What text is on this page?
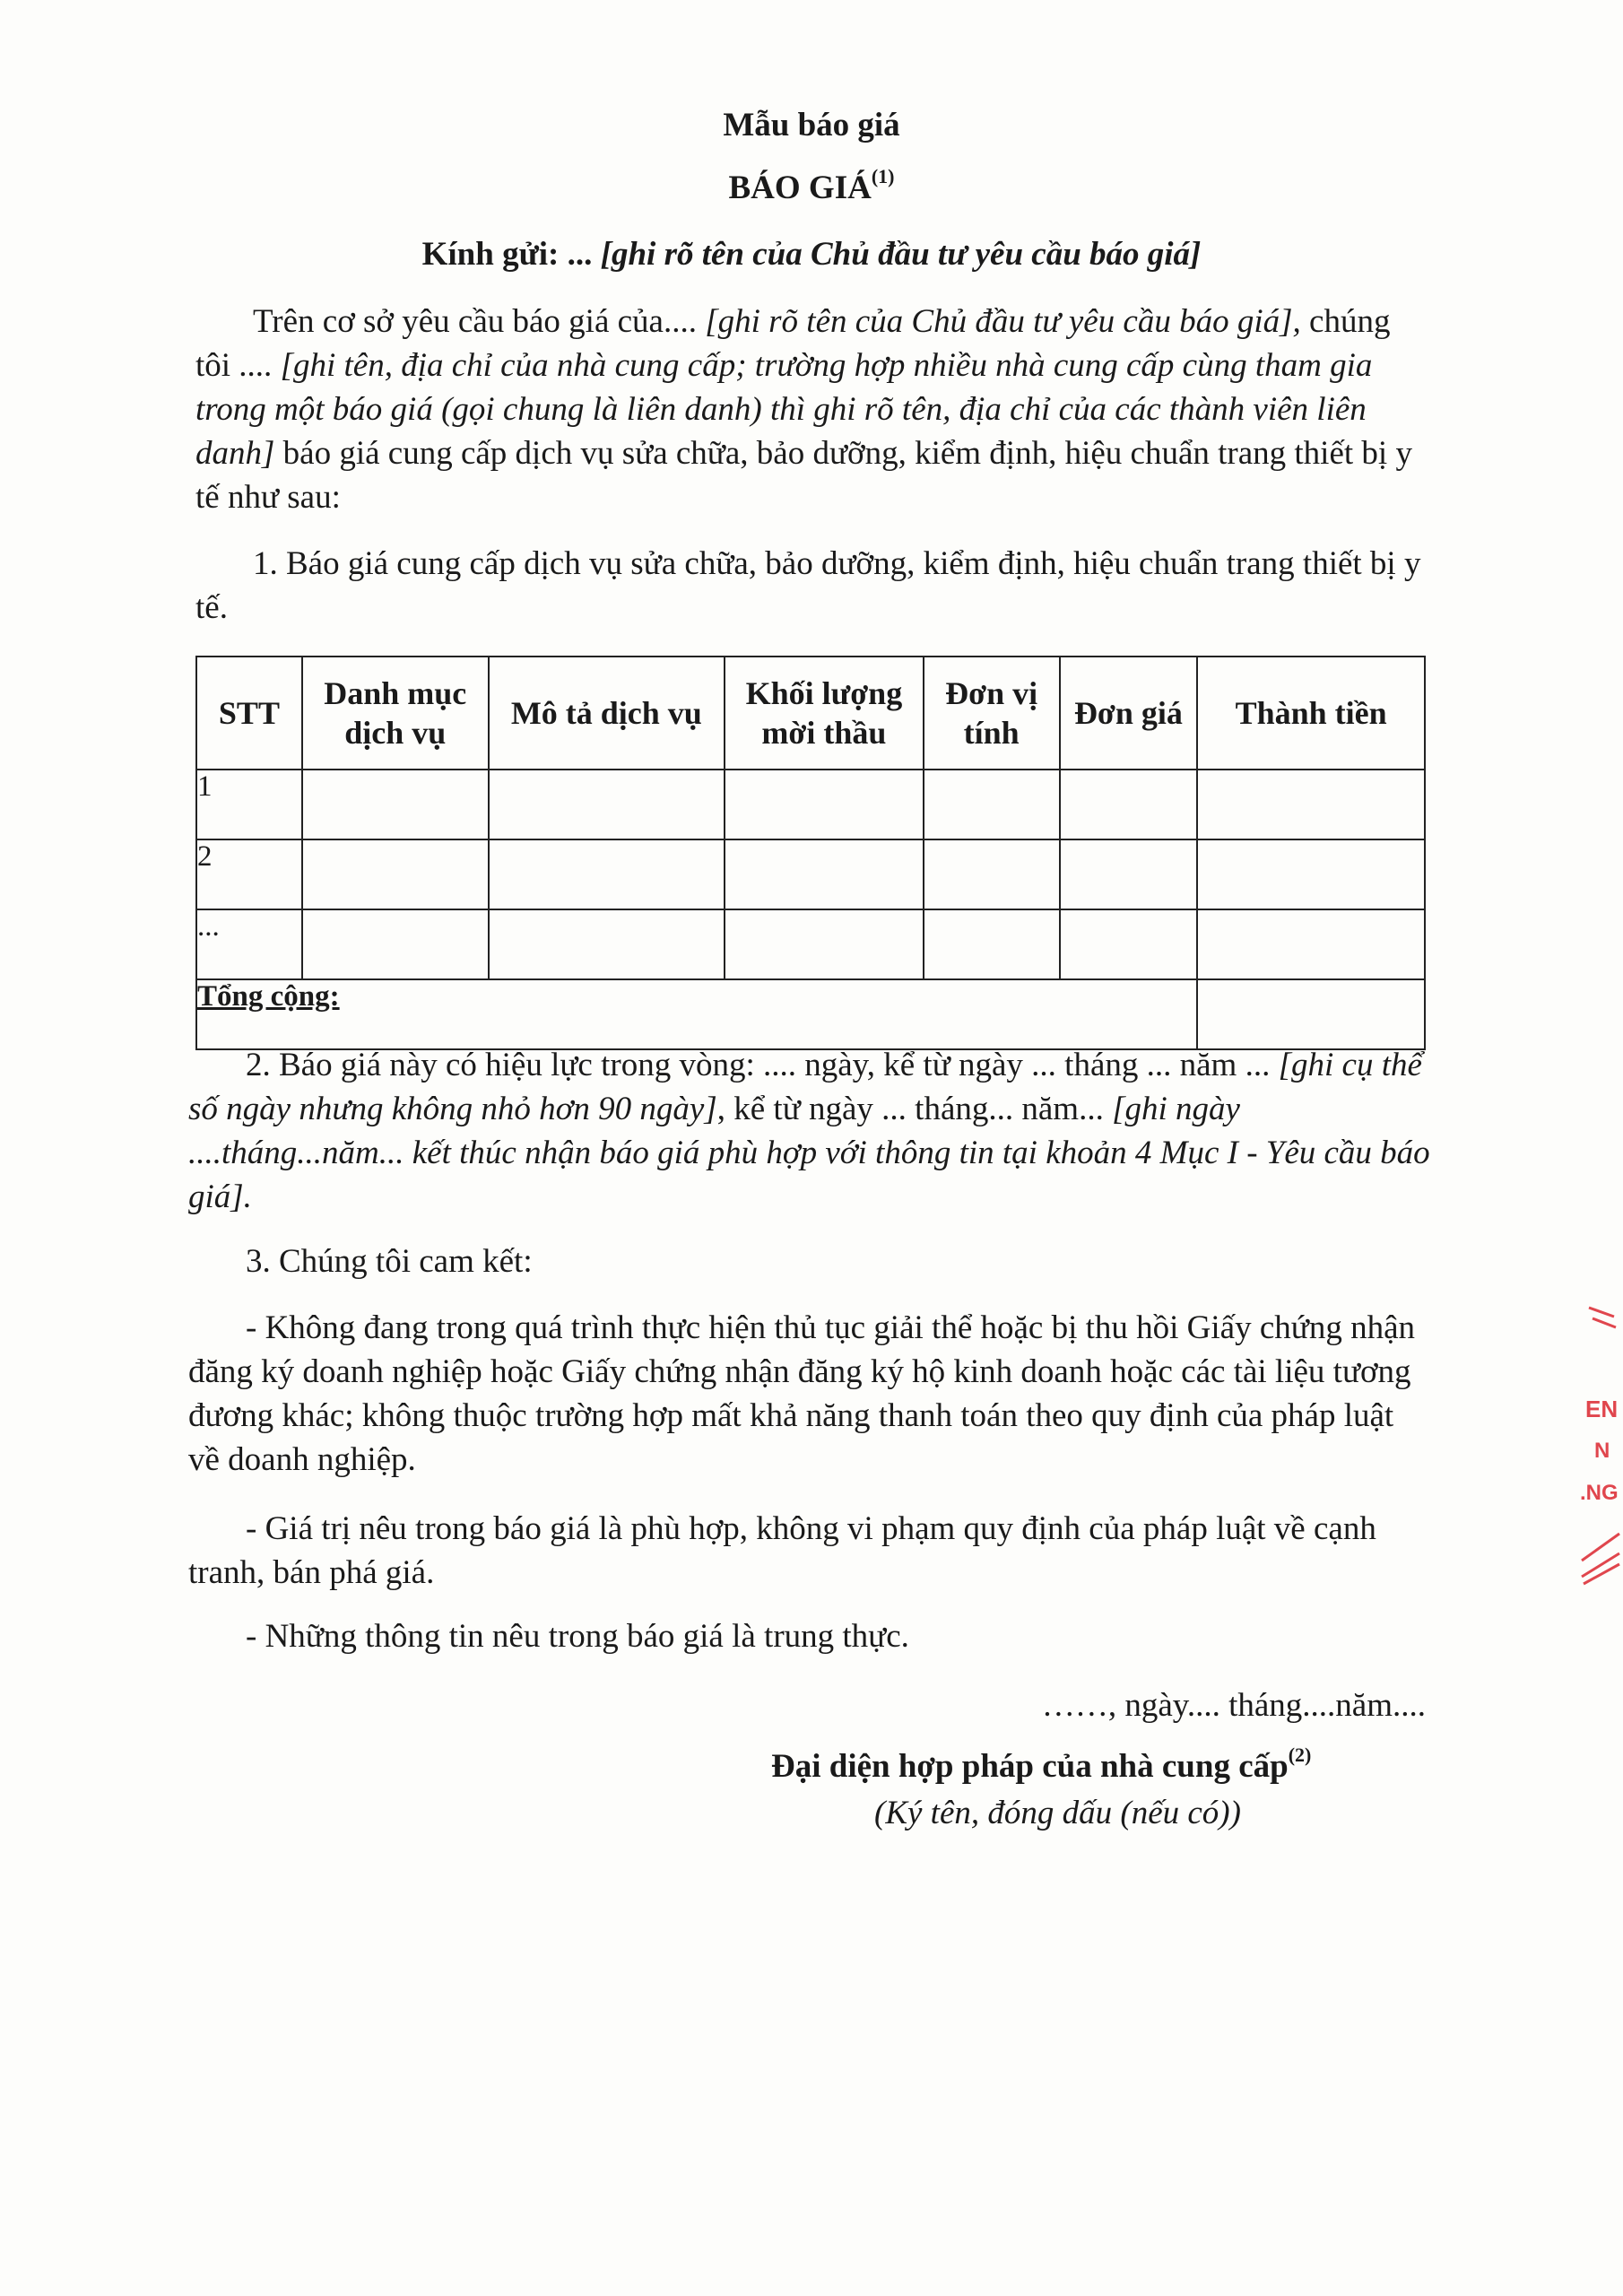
Mẫu báo giá
BÁO GIÁ$^{(1)}$
Kính gửi: ... [ghi rõ tên của Chủ đầu tư yêu cầu báo giá]

Trên cơ sở yêu cầu báo giá của.... [ghi rõ tên của Chủ đầu tư yêu cầu báo giá], chúng tôi .... [ghi tên, địa chỉ của nhà cung cấp; trường hợp nhiều nhà cung cấp cùng tham gia trong một báo giá (gọi chung là liên danh) thì ghi rõ tên, địa chỉ của các thành viên liên danh] báo giá cung cấp dịch vụ sửa chữa, bảo dưỡng, kiểm định, hiệu chuẩn trang thiết bị y tế như sau:

1. Báo giá cung cấp dịch vụ sửa chữa, bảo dưỡng, kiểm định, hiệu chuẩn trang thiết bị y tế.

STT	Danh mục dịch vụ	Mô tả dịch vụ	Khối lượng mời thầu	Đơn vị tính	Đơn giá	Thành tiền
1						
2						
...						
Tổng cộng:						

2. Báo giá này có hiệu lực trong vòng: .... ngày, kể từ ngày ... tháng ... năm ... [ghi cụ thể số ngày nhưng không nhỏ hơn 90 ngày], kể từ ngày ... tháng... năm... [ghi ngày ....tháng...năm... kết thúc nhận báo giá phù hợp với thông tin tại khoản 4 Mục I - Yêu cầu báo giá].

3. Chúng tôi cam kết:

- Không đang trong quá trình thực hiện thủ tục giải thể hoặc bị thu hồi Giấy chứng nhận đăng ký doanh nghiệp hoặc Giấy chứng nhận đăng ký hộ kinh doanh hoặc các tài liệu tương đương khác; không thuộc trường hợp mất khả năng thanh toán theo quy định của pháp luật về doanh nghiệp.

- Giá trị nêu trong báo giá là phù hợp, không vi phạm quy định của pháp luật về cạnh tranh, bán phá giá.

- Những thông tin nêu trong báo giá là trung thực.

……, ngày.... tháng....năm....
Đại diện hợp pháp của nhà cung cấp$^{(2)}$
(Ký tên, đóng dấu (nếu có))
EN
N
.NG
